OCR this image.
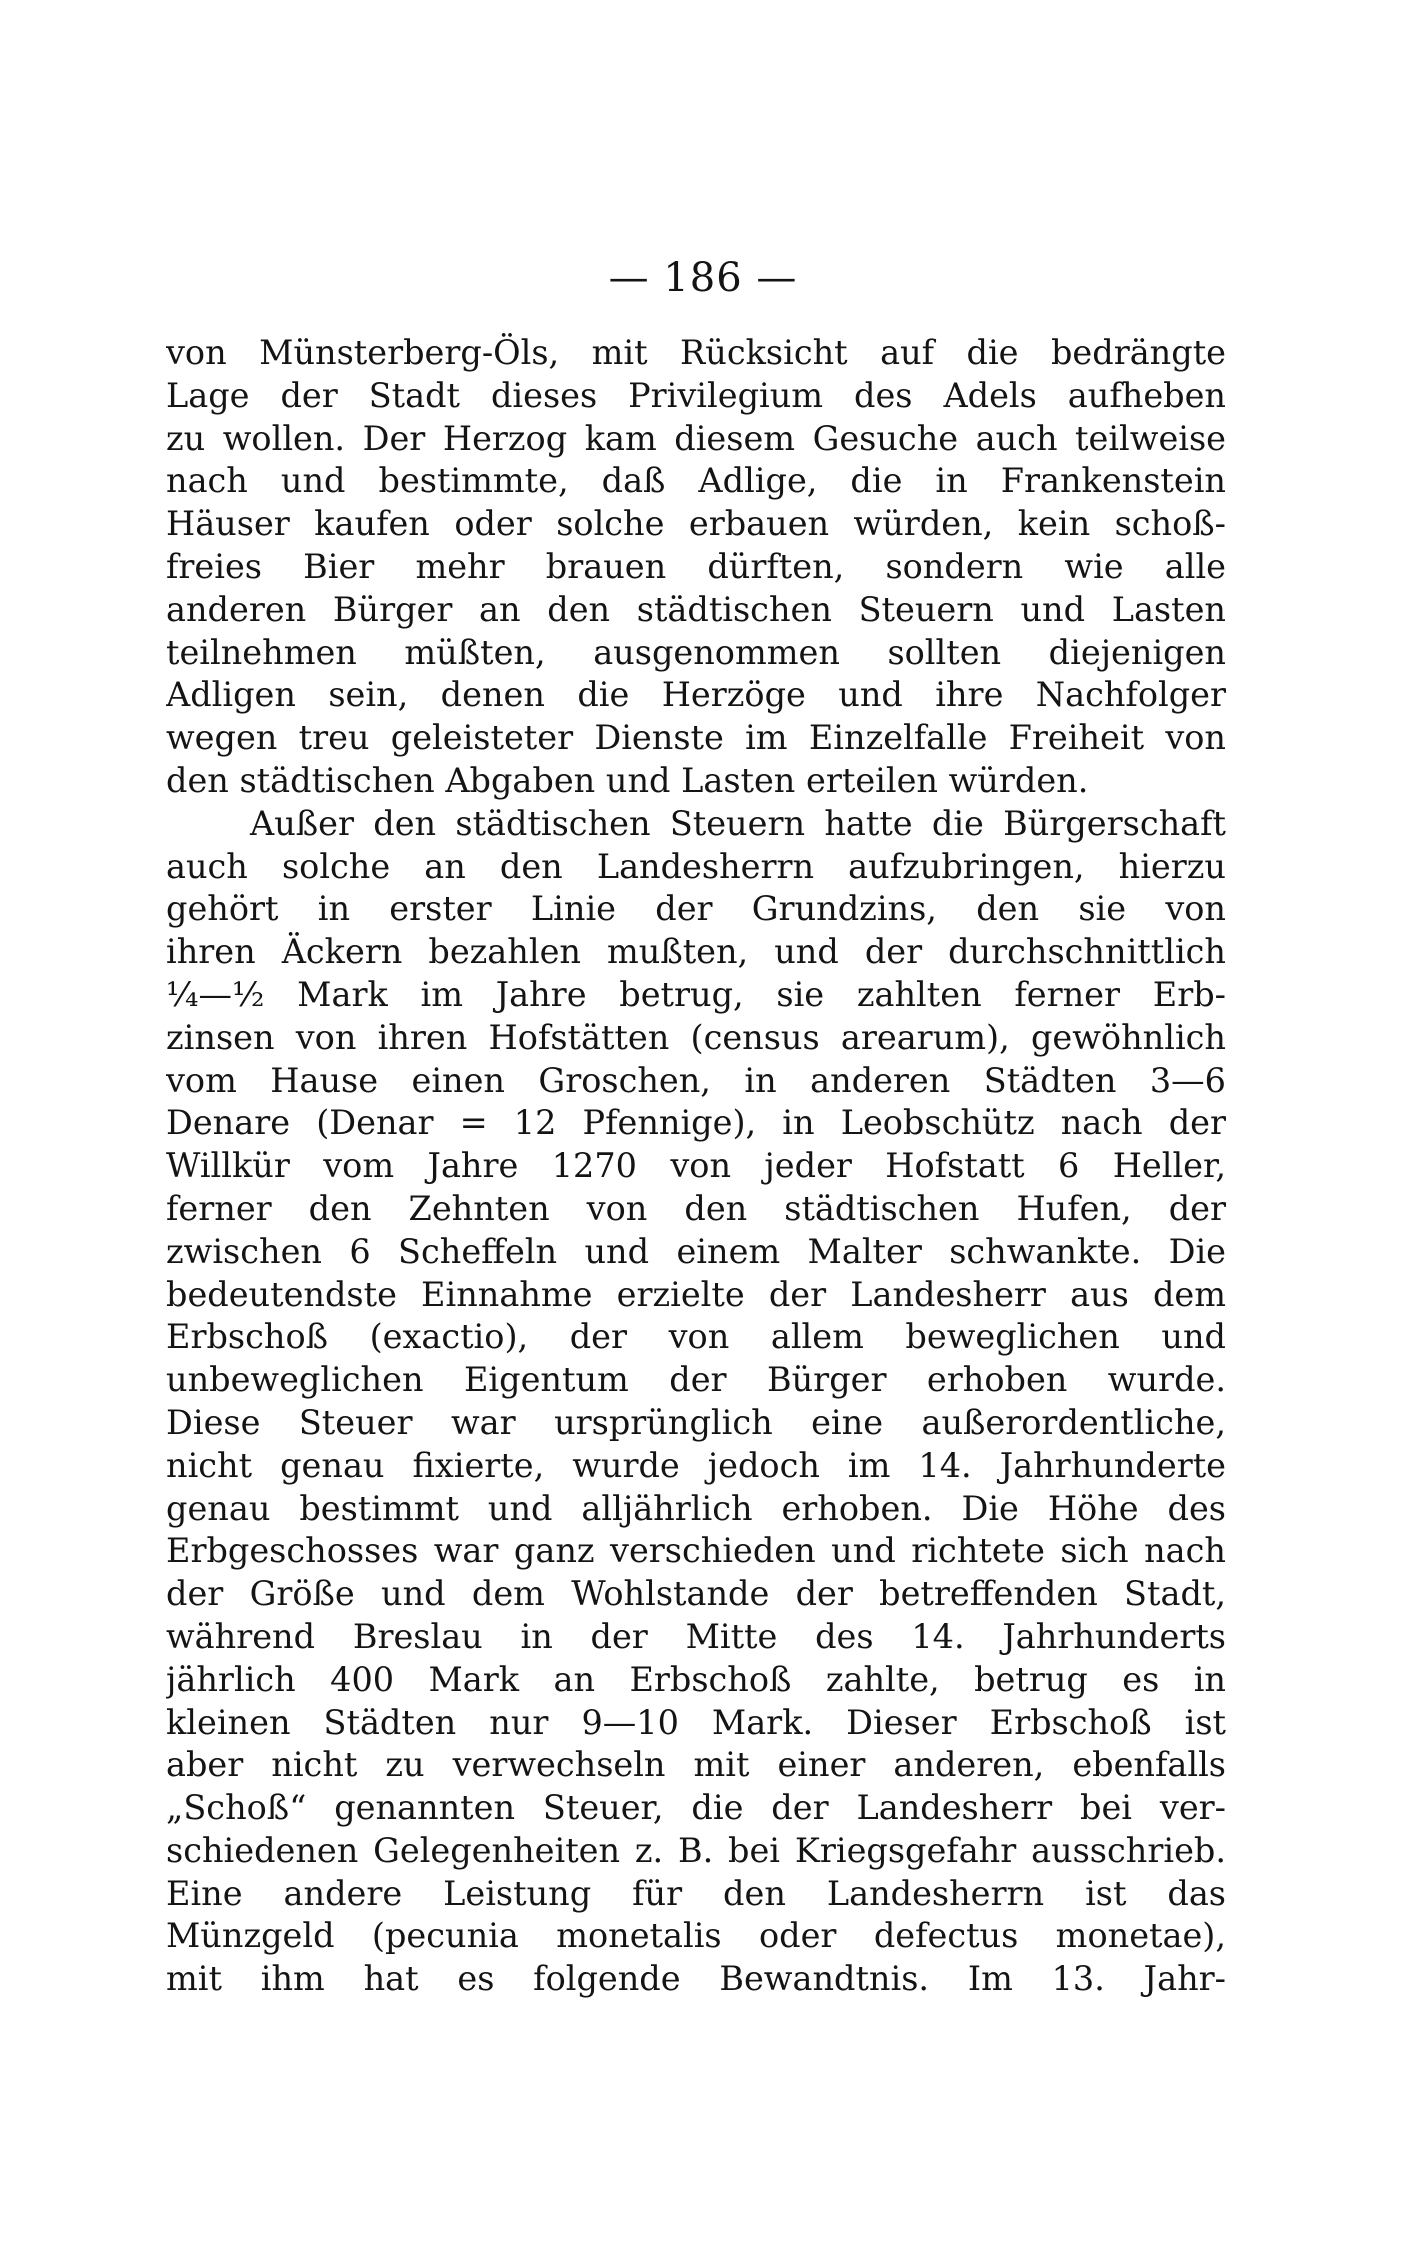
— 186 —
von Münsterberg-Öls, mit Rücksicht auf die bedrängte
Lage der Stadt dieses Privilegium des Adels aufheben
zu wollen. Der Herzog kam diesem Gesuche auch teilweise
nach und bestimmte, daß Adlige, die in Frankenstein
Häuser kaufen oder solche erbauen würden, kein schoß-
freies Bier mehr brauen dürften, sondern wie alle
anderen Bürger an den städtischen Steuern und Lasten
teilnehmen müßten, ausgenommen sollten diejenigen
Adligen sein, denen die Herzöge und ihre Nachfolger
wegen treu geleisteter Dienste im Einzelfalle Freiheit von
den städtischen Abgaben und Lasten erteilen würden.
Außer den städtischen Steuern hatte die Bürgerschaft
auch solche an den Landesherrn aufzubringen, hierzu
gehört in erster Linie der Grundzins, den sie von
ihren Äckern bezahlen mußten, und der durchschnittlich
¼—½ Mark im Jahre betrug, sie zahlten ferner Erb-
zinsen von ihren Hofstätten (census arearum), gewöhnlich
vom Hause einen Groschen, in anderen Städten 3—6
Denare (Denar = 12 Pfennige), in Leobschütz nach der
Willkür vom Jahre 1270 von jeder Hofstatt 6 Heller,
ferner den Zehnten von den städtischen Hufen, der
zwischen 6 Scheffeln und einem Malter schwankte. Die
bedeutendste Einnahme erzielte der Landesherr aus dem
Erbschoß (exactio), der von allem beweglichen und
unbeweglichen Eigentum der Bürger erhoben wurde.
Diese Steuer war ursprünglich eine außerordentliche,
nicht genau fixierte, wurde jedoch im 14. Jahrhunderte
genau bestimmt und alljährlich erhoben. Die Höhe des
Erbgeschosses war ganz verschieden und richtete sich nach
der Größe und dem Wohlstande der betreffenden Stadt,
während Breslau in der Mitte des 14. Jahrhunderts
jährlich 400 Mark an Erbschoß zahlte, betrug es in
kleinen Städten nur 9—10 Mark. Dieser Erbschoß ist
aber nicht zu verwechseln mit einer anderen, ebenfalls
„Schoß“ genannten Steuer, die der Landesherr bei ver-
schiedenen Gelegenheiten z. B. bei Kriegsgefahr ausschrieb.
Eine andere Leistung für den Landesherrn ist das
Münzgeld (pecunia monetalis oder defectus monetae),
mit ihm hat es folgende Bewandtnis. Im 13. Jahr-
